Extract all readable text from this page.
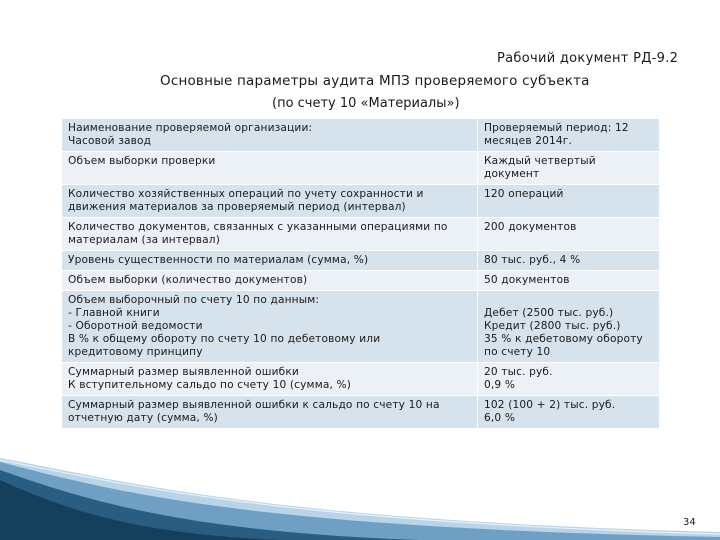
Рабочий документ РД-9.2
Основные параметры аудита МПЗ проверяемого субъекта
(по счету 10 «Материалы»)
Наименование проверяемой организации:
Часовой завод	Проверяемый период: 12
месяцев 2014г.

Объем выборки проверки	Каждый четвертый
документ

Количество хозяйственных операций по учету сохранности и
движения материалов за проверяемый период (интервал)	120 операций

Количество документов, связанных с указанными операциями по
материалам (за интервал)	200 документов

Уровень существенности по материалам (сумма, %)	80 тыс. руб., 4 %

Объем выборки (количество документов)	50 документов

Объем выборочный по счету 10 по данным:
- Главной книги
- Оборотной ведомости
В % к общему обороту по счету 10 по дебетовому или
кредитовому принципу	Дебет (2500 тыс. руб.)
Кредит (2800 тыс. руб.)
35 % к дебетовому обороту
по счету 10

Суммарный размер выявленной ошибки
К вступительному сальдо по счету 10 (сумма, %)	20 тыс. руб.
0,9 %

Суммарный размер выявленной ошибки к сальдо по счету 10 на
отчетную дату (сумма, %)	102 (100 + 2) тыс. руб.
6,0 %
34
